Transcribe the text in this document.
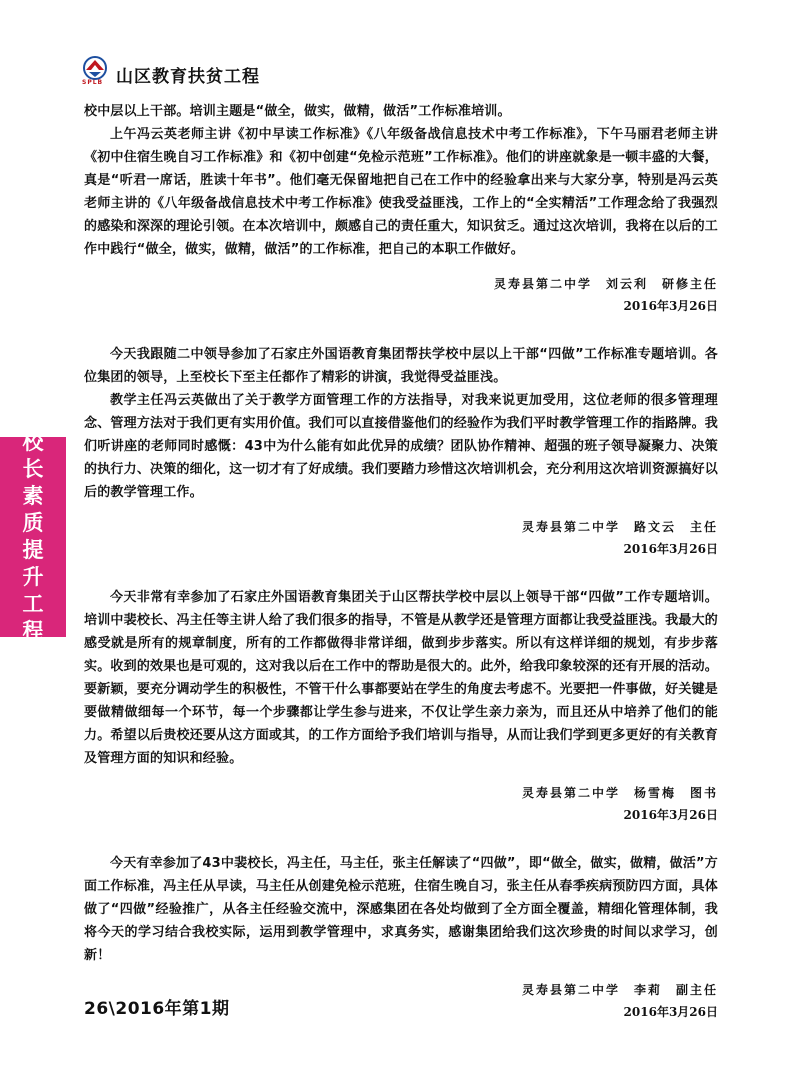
SPLB 山区教育扶贫工程
校
长
素
质
提
升
工
程

校中层以上干部。培训主题是“做全，做实，做精，做活”工作标准培训。

上午冯云英老师主讲《初中早读工作标准》《八年级备战信息技术中考工作标准》，下午马丽君老师主讲《初中住宿生晚自习工作标准》和《初中创建“免检示范班”工作标准》。他们的讲座就象是一顿丰盛的大餐，真是“听君一席话，胜读十年书”。他们毫无保留地把自己在工作中的经验拿出来与大家分享，特别是冯云英老师主讲的《八年级备战信息技术中考工作标准》使我受益匪浅，工作上的“全实精活”工作理念给了我强烈的感染和深深的理论引领。在本次培训中，颇感自己的责任重大，知识贫乏。通过这次培训，我将在以后的工作中践行“做全，做实，做精，做活”的工作标准，把自己的本职工作做好。

灵寿县第二中学　刘云利　研修主任
2016年3月26日

今天我跟随二中领导参加了石家庄外国语教育集团帮扶学校中层以上干部“四做”工作标准专题培训。各位集团的领导，上至校长下至主任都作了精彩的讲演，我觉得受益匪浅。

教学主任冯云英做出了关于教学方面管理工作的方法指导，对我来说更加受用，这位老师的很多管理理念、管理方法对于我们更有实用价值。我们可以直接借鉴他们的经验作为我们平时教学管理工作的指路牌。我们听讲座的老师同时感慨：43中为什么能有如此优异的成绩？团队协作精神、超强的班子领导凝聚力、决策的执行力、决策的细化，这一切才有了好成绩。我们要踏力珍惜这次培训机会，充分利用这次培训资源搞好以后的教学管理工作。

灵寿县第二中学　路文云　主任
2016年3月26日

今天非常有幸参加了石家庄外国语教育集团关于山区帮扶学校中层以上领导干部“四做”工作专题培训。培训中裴校长、冯主任等主讲人给了我们很多的指导，不管是从教学还是管理方面都让我受益匪浅。我最大的感受就是所有的规章制度，所有的工作都做得非常详细，做到步步落实。所以有这样详细的规划，有步步落实。收到的效果也是可观的，这对我以后在工作中的帮助是很大的。此外，给我印象较深的还有开展的活动。要新颖，要充分调动学生的积极性，不管干什么事都要站在学生的角度去考虑不。光要把一件事做，好关键是要做精做细每一个环节，每一个步骤都让学生参与进来，不仅让学生亲力亲为，而且还从中培养了他们的能力。希望以后贵校还要从这方面或其，的工作方面给予我们培训与指导，从而让我们学到更多更好的有关教育及管理方面的知识和经验。

灵寿县第二中学　杨雪梅　图书
2016年3月26日

今天有幸参加了43中裴校长，冯主任，马主任，张主任解读了“四做”，即“做全，做实，做精，做活”方面工作标准，冯主任从早读，马主任从创建免检示范班，住宿生晚自习，张主任从春季疾病预防四方面，具体做了“四做”经验推广，从各主任经验交流中，深感集团在各处均做到了全方面全覆盖，精细化管理体制，我将今天的学习结合我校实际，运用到教学管理中，求真务实，感谢集团给我们这次珍贵的时间以求学习，创新！

灵寿县第二中学　李莉　副主任
2016年3月26日
26\2016年第1期
